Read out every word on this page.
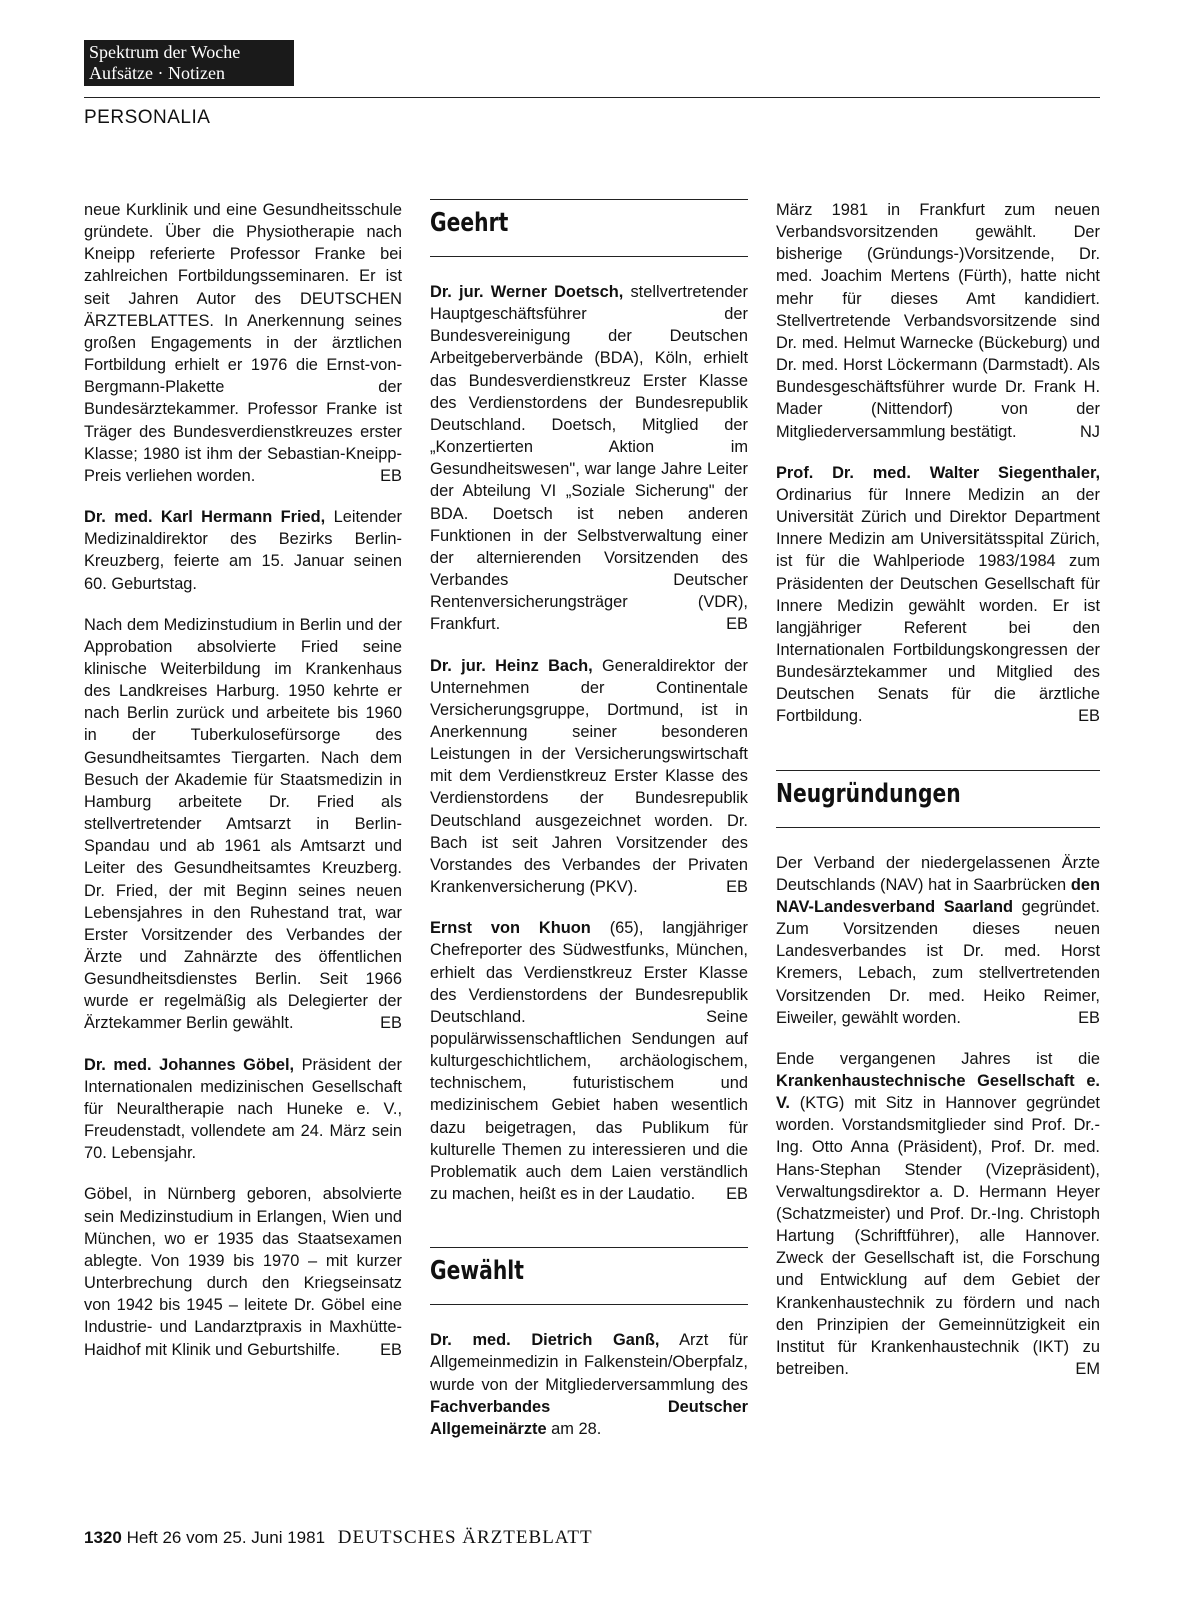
Spektrum der Woche
Aufsätze · Notizen
PERSONALIA

neue Kurklinik und eine Gesundheitsschule gründete. Über die Physiotherapie nach Kneipp referierte Professor Franke bei zahlreichen Fortbildungsseminaren. Er ist seit Jahren Autor des DEUTSCHEN ÄRZTEBLATTES. In Anerkennung seines großen Engagements in der ärztlichen Fortbildung erhielt er 1976 die Ernst-von-Bergmann-Plakette der Bundesärztekammer. Professor Franke ist Träger des Bundesverdienstkreuzes erster Klasse; 1980 ist ihm der Sebastian-Kneipp-Preis verliehen worden.	EB

Dr. med. Karl Hermann Fried, Leitender Medizinaldirektor des Bezirks Berlin-Kreuzberg, feierte am 15. Januar seinen 60. Geburtstag.

Nach dem Medizinstudium in Berlin und der Approbation absolvierte Fried seine klinische Weiterbildung im Krankenhaus des Landkreises Harburg. 1950 kehrte er nach Berlin zurück und arbeitete bis 1960 in der Tuberkulosefürsorge des Gesundheitsamtes Tiergarten. Nach dem Besuch der Akademie für Staatsmedizin in Hamburg arbeitete Dr. Fried als stellvertretender Amtsarzt in Berlin-Spandau und ab 1961 als Amtsarzt und Leiter des Gesundheitsamtes Kreuzberg. Dr. Fried, der mit Beginn seines neuen Lebensjahres in den Ruhestand trat, war Erster Vorsitzender des Verbandes der Ärzte und Zahnärzte des öffentlichen Gesundheitsdienstes Berlin. Seit 1966 wurde er regelmäßig als Delegierter der Ärztekammer Berlin gewählt.	EB

Dr. med. Johannes Göbel, Präsident der Internationalen medizinischen Gesellschaft für Neuraltherapie nach Huneke e. V., Freudenstadt, vollendete am 24. März sein 70. Lebensjahr.

Göbel, in Nürnberg geboren, absolvierte sein Medizinstudium in Erlangen, Wien und München, wo er 1935 das Staatsexamen ablegte. Von 1939 bis 1970 – mit kurzer Unterbrechung durch den Kriegseinsatz von 1942 bis 1945 – leitete Dr. Göbel eine Industrie- und Landarztpraxis in Maxhütte-Haidhof mit Klinik und Geburtshilfe. EB

Geehrt

Dr. jur. Werner Doetsch, stellvertretender Hauptgeschäftsführer der Bundesvereinigung der Deutschen Arbeitgeberverbände (BDA), Köln, erhielt das Bundesverdienstkreuz Erster Klasse des Verdienstordens der Bundesrepublik Deutschland. Doetsch, Mitglied der „Konzertierten Aktion im Gesundheitswesen", war lange Jahre Leiter der Abteilung VI „Soziale Sicherung" der BDA. Doetsch ist neben anderen Funktionen in der Selbstverwaltung einer der alternierenden Vorsitzenden des Verbandes Deutscher Rentenversicherungsträger (VDR), Frankfurt.	EB

Dr. jur. Heinz Bach, Generaldirektor der Unternehmen der Continentale Versicherungsgruppe, Dortmund, ist in Anerkennung seiner besonderen Leistungen in der Versicherungswirtschaft mit dem Verdienstkreuz Erster Klasse des Verdienstordens der Bundesrepublik Deutschland ausgezeichnet worden. Dr. Bach ist seit Jahren Vorsitzender des Vorstandes des Verbandes der Privaten Krankenversicherung (PKV).	EB

Ernst von Khuon (65), langjähriger Chefreporter des Südwestfunks, München, erhielt das Verdienstkreuz Erster Klasse des Verdienstordens der Bundesrepublik Deutschland. Seine populärwissenschaftlichen Sendungen auf kulturgeschichtlichem, archäologischem, technischem, futuristischem und medizinischem Gebiet haben wesentlich dazu beigetragen, das Publikum für kulturelle Themen zu interessieren und die Problematik auch dem Laien verständlich zu machen, heißt es in der Laudatio. EB

Gewählt

Dr. med. Dietrich Ganß, Arzt für Allgemeinmedizin in Falkenstein/Oberpfalz, wurde von der Mitgliederversammlung des Fachverbandes Deutscher Allgemeinärzte am 28.

März 1981 in Frankfurt zum neuen Verbandsvorsitzenden gewählt. Der bisherige (Gründungs-)Vorsitzende, Dr. med. Joachim Mertens (Fürth), hatte nicht mehr für dieses Amt kandidiert. Stellvertretende Verbandsvorsitzende sind Dr. med. Helmut Warnecke (Bückeburg) und Dr. med. Horst Löckermann (Darmstadt). Als Bundesgeschäftsführer wurde Dr. Frank H. Mader (Nittendorf) von der Mitgliederversammlung bestätigt.	NJ

Prof. Dr. med. Walter Siegenthaler, Ordinarius für Innere Medizin an der Universität Zürich und Direktor Department Innere Medizin am Universitätsspital Zürich, ist für die Wahlperiode 1983/1984 zum Präsidenten der Deutschen Gesellschaft für Innere Medizin gewählt worden. Er ist langjähriger Referent bei den Internationalen Fortbildungskongressen der Bundesärztekammer und Mitglied des Deutschen Senats für die ärztliche Fortbildung.	EB

Neugründungen

Der Verband der niedergelassenen Ärzte Deutschlands (NAV) hat in Saarbrücken den NAV-Landesverband Saarland gegründet. Zum Vorsitzenden dieses neuen Landesverbandes ist Dr. med. Horst Kremers, Lebach, zum stellvertretenden Vorsitzenden Dr. med. Heiko Reimer, Eiweiler, gewählt worden.	EB

Ende vergangenen Jahres ist die Krankenhaustechnische Gesellschaft e. V. (KTG) mit Sitz in Hannover gegründet worden. Vorstandsmitglieder sind Prof. Dr.-Ing. Otto Anna (Präsident), Prof. Dr. med. Hans-Stephan Stender (Vizepräsident), Verwaltungsdirektor a. D. Hermann Heyer (Schatzmeister) und Prof. Dr.-Ing. Christoph Hartung (Schriftführer), alle Hannover. Zweck der Gesellschaft ist, die Forschung und Entwicklung auf dem Gebiet der Krankenhaustechnik zu fördern und nach den Prinzipien der Gemeinnützigkeit ein Institut für Krankenhaustechnik (IKT) zu betreiben.	EM

1320 Heft 26 vom 25. Juni 1981 DEUTSCHES ÄRZTEBLATT
